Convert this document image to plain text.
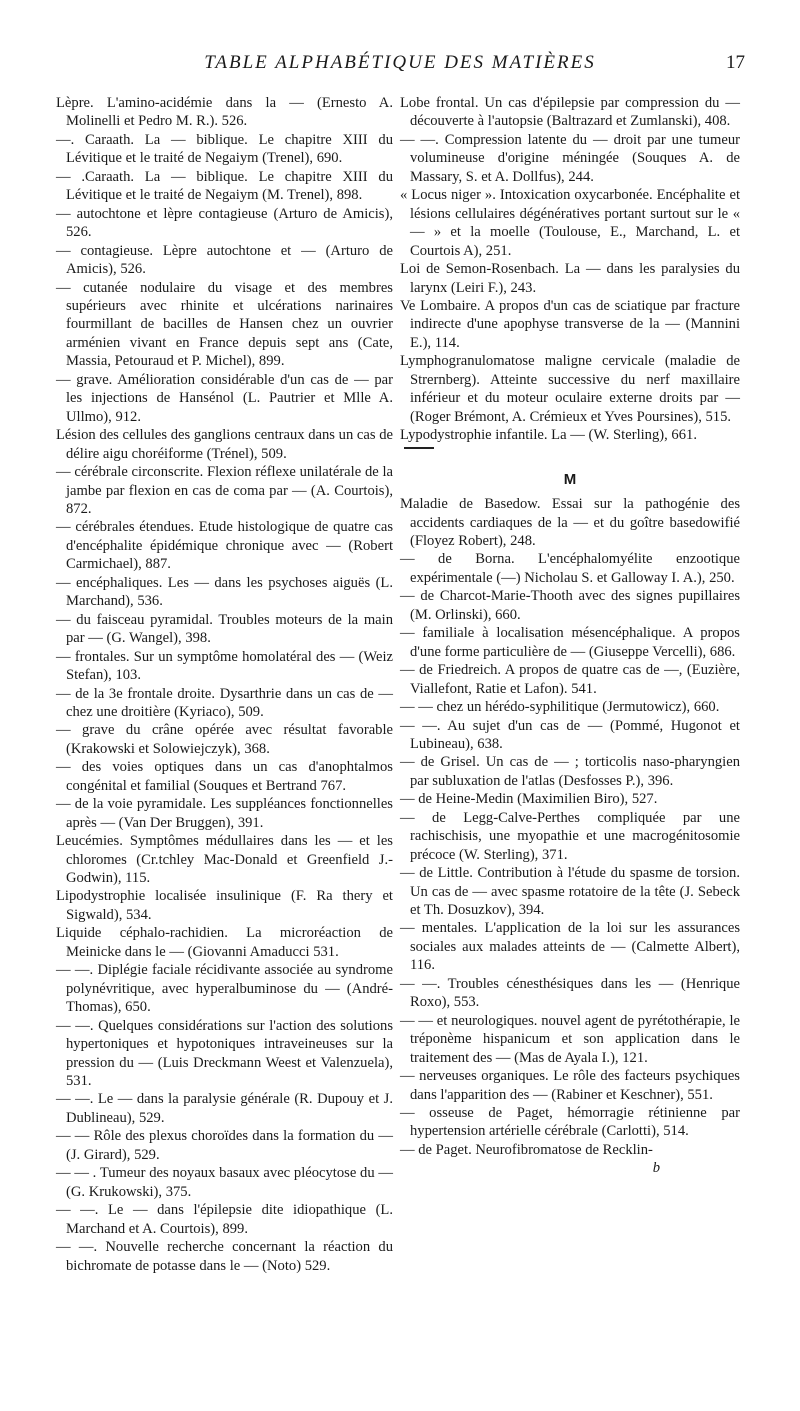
TABLE ALPHABÉTIQUE DES MATIÈRES	17

Lèpre. L'amino-acidémie dans la — (Ernesto A. Molinelli et Pedro M. R.). 526.

—. Caraath. La — biblique. Le chapitre XIII du Lévitique et le traité de Negaiym (Trenel), 690.

— .Caraath. La — biblique. Le chapitre XIII du Lévitique et le traité de Negaiym (M. Trenel), 898.

— autochtone et lèpre contagieuse (Arturo de Amicis), 526.

— contagieuse. Lèpre autochtone et — (Arturo de Amicis), 526.

— cutanée nodulaire du visage et des membres supérieurs avec rhinite et ulcérations narinaires fourmillant de bacilles de Hansen chez un ouvrier arménien vivant en France depuis sept ans (Cate, Massia, Petouraud et P. Michel), 899.

— grave. Amélioration considérable d'un cas de — par les injections de Hansénol (L. Pautrier et Mlle A. Ullmo), 912.

Lésion des cellules des ganglions centraux dans un cas de délire aigu choréiforme (Trénel), 509.

— cérébrale circonscrite. Flexion réflexe unilatérale de la jambe par flexion en cas de coma par — (A. Courtois), 872.

— cérébrales étendues. Etude histologique de quatre cas d'encéphalite épidémique chronique avec — (Robert Carmichael), 887.

— encéphaliques. Les — dans les psychoses aiguës (L. Marchand), 536.

— du faisceau pyramidal. Troubles moteurs de la main par — (G. Wangel), 398.

— frontales. Sur un symptôme homolatéral des — (Weiz Stefan), 103.

— de la 3e frontale droite. Dysarthrie dans un cas de — chez une droitière (Kyriaco), 509.

— grave du crâne opérée avec résultat favorable (Krakowski et Solowiejczyk), 368.

— des voies optiques dans un cas d'anophtalmos congénital et familial (Souques et Bertrand 767.

— de la voie pyramidale. Les suppléances fonctionnelles après — (Van Der Bruggen), 391.

Leucémies. Symptômes médullaires dans les — et les chloromes (Cr.tchley Mac-Donald et Greenfield J.-Godwin), 115.

Lipodystrophie localisée insulinique (F. Ra thery et Sigwald), 534.

Liquide céphalo-rachidien. La microréaction de Meinicke dans le — (Giovanni Amaducci 531.

— —. Diplégie faciale récidivante associée au syndrome polynévritique, avec hyperalbuminose du — (André-Thomas), 650.

— —. Quelques considérations sur l'action des solutions hypertoniques et hypotoniques intraveineuses sur la pression du — (Luis Dreckmann Weest et Valenzuela), 531.

— —. Le — dans la paralysie générale (R. Dupouy et J. Dublineau), 529.

— — Rôle des plexus choroïdes dans la formation du — (J. Girard), 529.

— — . Tumeur des noyaux basaux avec pléocytose du — (G. Krukowski), 375.

— —. Le — dans l'épilepsie dite idiopathique (L. Marchand et A. Courtois), 899.

— —. Nouvelle recherche concernant la réaction du bichromate de potasse dans le — (Noto) 529.

Lobe frontal. Un cas d'épilepsie par compression du — découverte à l'autopsie (Baltrazard et Zumlanski), 408.

— —. Compression latente du — droit par une tumeur volumineuse d'origine méningée (Souques A. de Massary, S. et A. Dollfus), 244.

« Locus niger ». Intoxication oxycarbonée. Encéphalite et lésions cellulaires dégénératives portant surtout sur le « — » et la moelle (Toulouse, E., Marchand, L. et Courtois A), 251.

Loi de Semon-Rosenbach. La — dans les paralysies du larynx (Leiri F.), 243.

Ve Lombaire. A propos d'un cas de sciatique par fracture indirecte d'une apophyse transverse de la — (Mannini E.), 114.

Lymphogranulomatose maligne cervicale (maladie de Strernberg). Atteinte successive du nerf maxillaire inférieur et du moteur oculaire externe droits par — (Roger Brémont, A. Crémieux et Yves Poursines), 515.

Lypodystrophie infantile. La — (W. Sterling), 661.

M

Maladie de Basedow. Essai sur la pathogénie des accidents cardiaques de la — et du goître basedowifié (Floyez Robert), 248.

— de Borna. L'encéphalomyélite enzootique expérimentale (—) Nicholau S. et Galloway I. A.), 250.

— de Charcot-Marie-Thooth avec des signes pupillaires (M. Orlinski), 660.

— familiale à localisation mésencéphalique. A propos d'une forme particulière de — (Giuseppe Vercelli), 686.

— de Friedreich. A propos de quatre cas de —, (Euzière, Viallefont, Ratie et Lafon). 541.

— — chez un hérédo-syphilitique (Jermutowicz), 660.

— —. Au sujet d'un cas de — (Pommé, Hugonot et Lubineau), 638.

— de Grisel. Un cas de — ; torticolis naso-pharyngien par subluxation de l'atlas (Desfosses P.), 396.

— de Heine-Medin (Maximilien Biro), 527.

— de Legg-Calve-Perthes compliquée par une rachischisis, une myopathie et une macrogénitosomie précoce (W. Sterling), 371.

— de Little. Contribution à l'étude du spasme de torsion. Un cas de — avec spasme rotatoire de la tête (J. Sebeck et Th. Dosuzkov), 394.

— mentales. L'application de la loi sur les assurances sociales aux malades atteints de — (Calmette Albert), 116.

— —. Troubles cénesthésiques dans les — (Henrique Roxo), 553.

— — et neurologiques. nouvel agent de pyrétothérapie, le tréponème hispanicum et son application dans le traitement des — (Mas de Ayala I.), 121.

— nerveuses organiques. Le rôle des facteurs psychiques dans l'apparition des — (Rabiner et Keschner), 551.

— osseuse de Paget, hémorragie rétinienne par hypertension artérielle cérébrale (Carlotti), 514.

— de Paget. Neurofibromatose de Recklin-

b
